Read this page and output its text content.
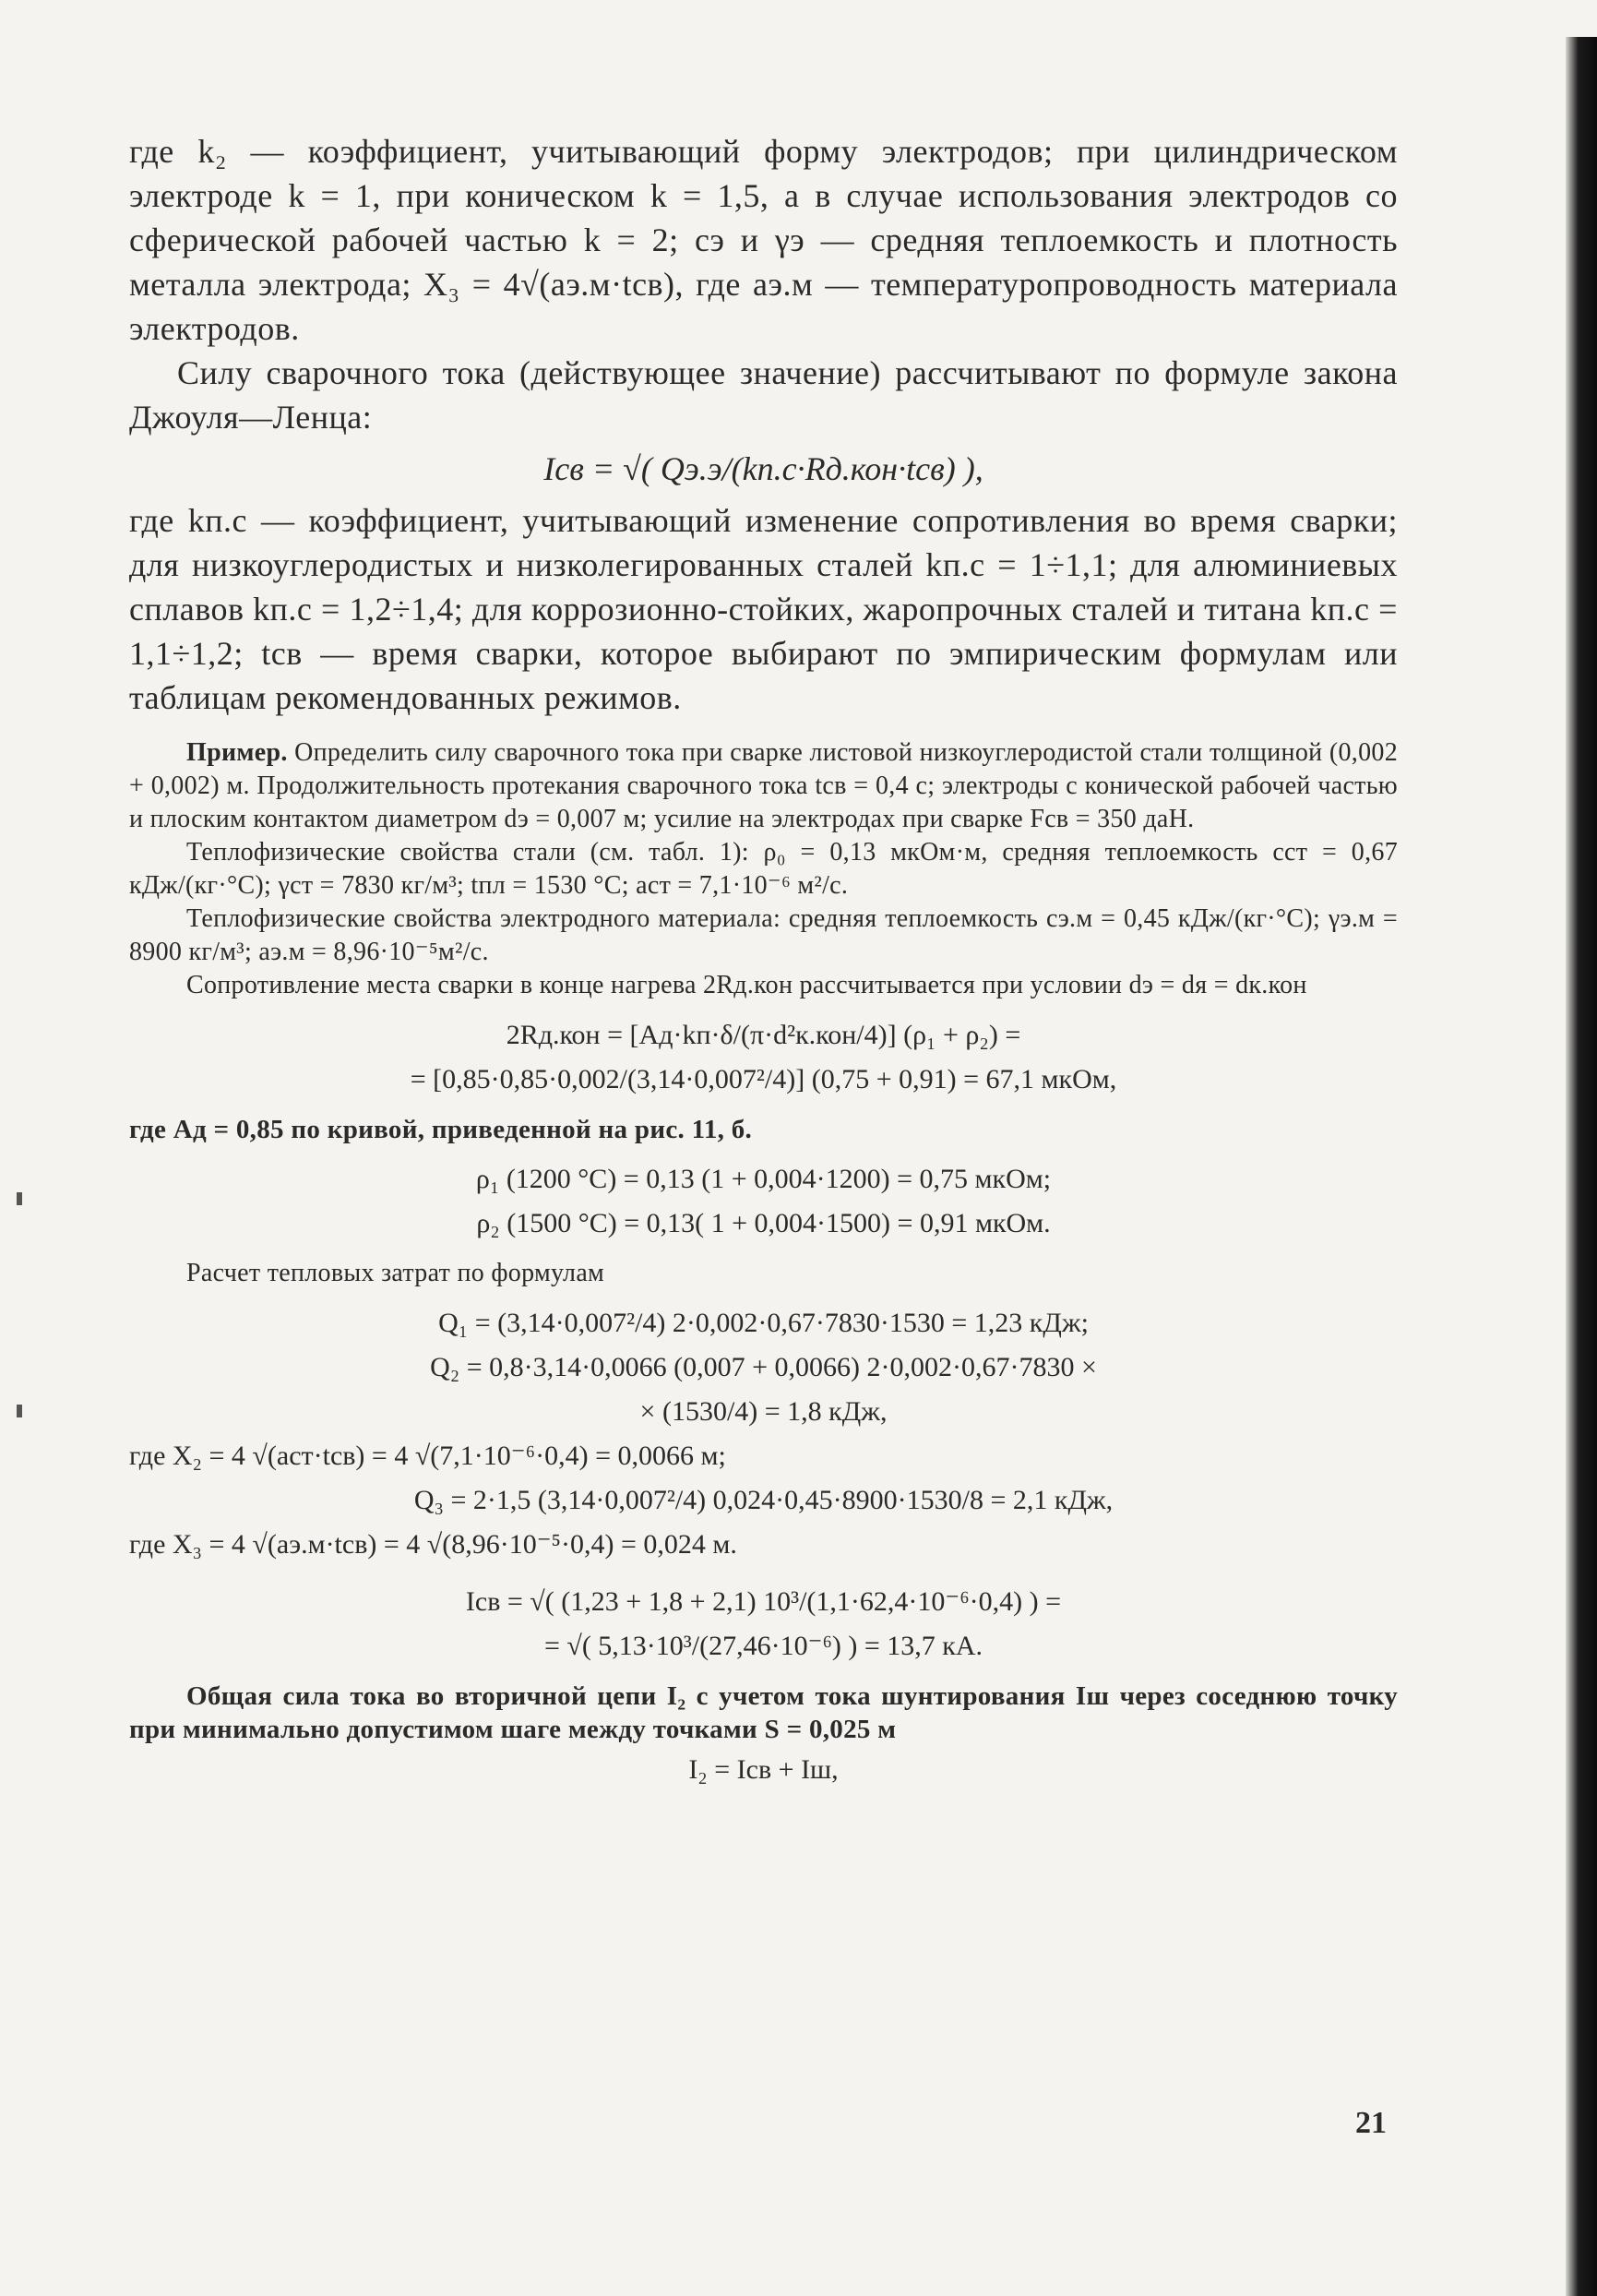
где k₂ — коэффициент, учитывающий форму электродов; при цилиндрическом электроде k = 1, при коническом k = 1,5, а в случае использования электродов со сферической рабочей частью k = 2; cэ и γэ — средняя теплоемкость и плотность металла электрода; X₃ = 4√(aэ.м·tсв), где aэ.м — температуропроводность материала электродов.

Силу сварочного тока (действующее значение) рассчитывают по формуле закона Джоуля—Ленца:

Iсв = √( Qэ.э/(kп.с·Rд.кон·tсв) ),

где kп.с — коэффициент, учитывающий изменение сопротивления во время сварки; для низкоуглеродистых и низколегированных сталей kп.с = 1÷1,1; для алюминиевых сплавов kп.с = 1,2÷1,4; для коррозионно-стойких, жаропрочных сталей и титана kп.с = 1,1÷1,2; tсв — время сварки, которое выбирают по эмпирическим формулам или таблицам рекомендованных режимов.

Пример. Определить силу сварочного тока при сварке листовой низкоуглеродистой стали толщиной (0,002 + 0,002) м. Продолжительность протекания сварочного тока tсв = 0,4 с; электроды с конической рабочей частью и плоским контактом диаметром dэ = 0,007 м; усилие на электродах при сварке Fсв = 350 даН.

Теплофизические свойства стали (см. табл. 1): ρ₀ = 0,13 мкОм·м, средняя теплоемкость cст = 0,67 кДж/(кг·°С); γст = 7830 кг/м³; tпл = 1530 °С; aст = 7,1·10⁻⁶ м²/с.

Теплофизические свойства электродного материала: средняя теплоемкость cэ.м = 0,45 кДж/(кг·°С); γэ.м = 8900 кг/м³; aэ.м = 8,96·10⁻⁵м²/с.

Сопротивление места сварки в конце нагрева 2Rд.кон рассчитывается при условии dэ = dя = dк.кон

2Rд.кон = [Aд·kп·δ/(π·d²к.кон/4)] (ρ₁ + ρ₂) =
= [0,85·0,85·0,002/(3,14·0,007²/4)] (0,75 + 0,91) = 67,1 мкОм,

где Aд = 0,85 по кривой, приведенной на рис. 11, б.

ρ₁ (1200 °С) = 0,13 (1 + 0,004·1200) = 0,75 мкОм;
ρ₂ (1500 °С) = 0,13( 1 + 0,004·1500) = 0,91 мкОм.

Расчет тепловых затрат по формулам

Q₁ = (3,14·0,007²/4) 2·0,002·0,67·7830·1530 = 1,23 кДж;
Q₂ = 0,8·3,14·0,0066 (0,007 + 0,0066) 2·0,002·0,67·7830 ×
× (1530/4) = 1,8 кДж,
где X₂ = 4 √(aст·tсв) = 4 √(7,1·10⁻⁶·0,4) = 0,0066 м;
Q₃ = 2·1,5 (3,14·0,007²/4) 0,024·0,45·8900·1530/8 = 2,1 кДж,
где X₃ = 4 √(aэ.м·tсв) = 4 √(8,96·10⁻⁵·0,4) = 0,024 м.
Iсв = √( (1,23 + 1,8 + 2,1) 10³/(1,1·62,4·10⁻⁶·0,4) ) =
= √( 5,13·10³/(27,46·10⁻⁶) ) = 13,7 кА.

Общая сила тока во вторичной цепи I₂ с учетом тока шунтирования Iш через соседнюю точку при минимально допустимом шаге между точками S = 0,025 м

I₂ = Iсв + Iш,
21
